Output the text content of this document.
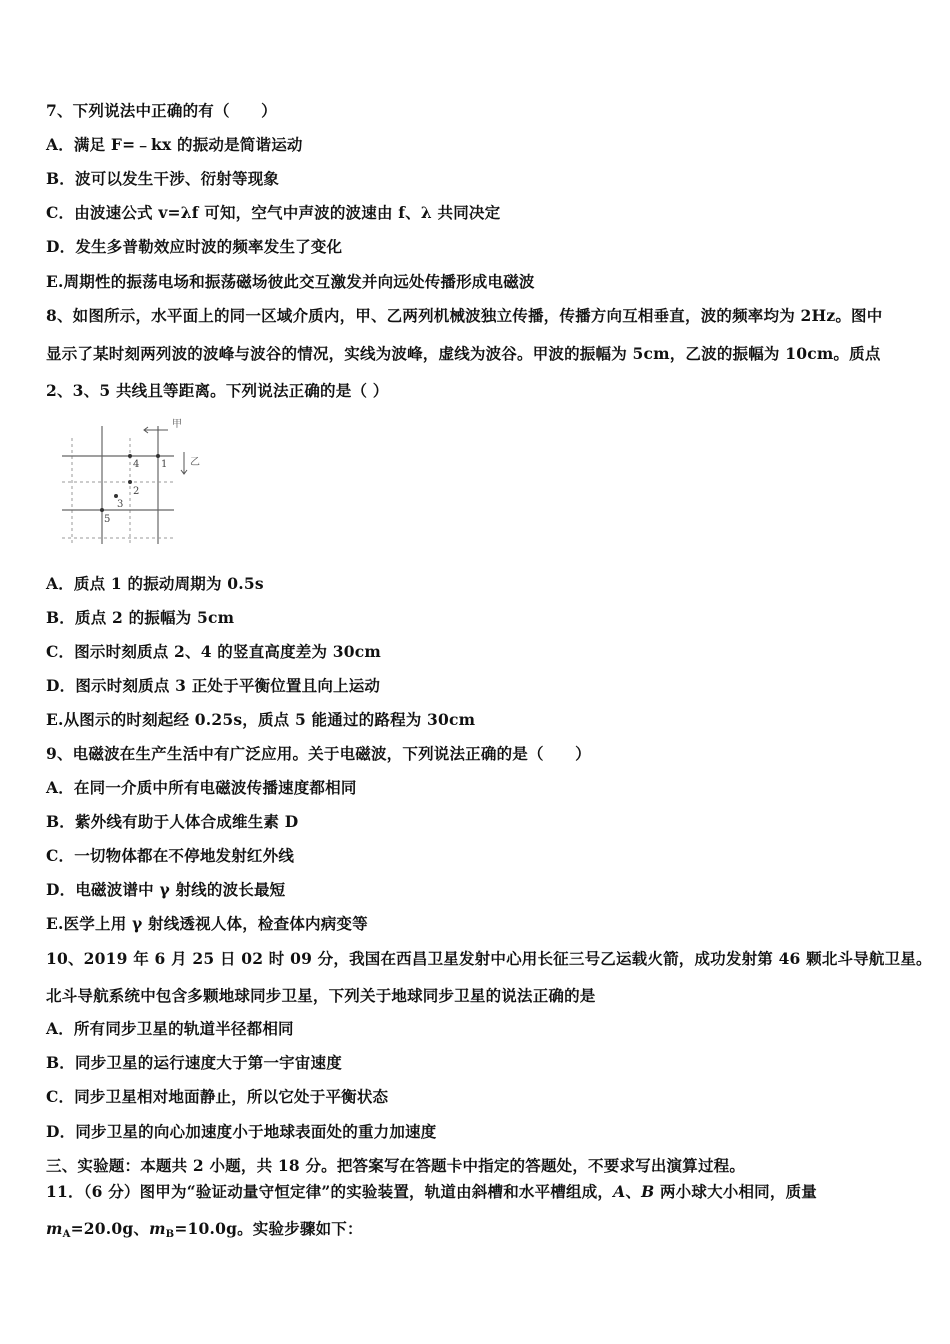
7、下列说法中正确的有（　　）
A．满足 F=﹣kx 的振动是简谐运动
B．波可以发生干涉、衍射等现象
C．由波速公式 v=λf 可知，空气中声波的波速由 f、λ 共同决定
D．发生多普勒效应时波的频率发生了变化
E.周期性的振荡电场和振荡磁场彼此交互激发并向远处传播形成电磁波
8、如图所示，水平面上的同一区域介质内，甲、乙两列机械波独立传播，传播方向互相垂直，波的频率均为 2Hz。图中
显示了某时刻两列波的波峰与波谷的情况，实线为波峰，虚线为波谷。甲波的振幅为 5cm，乙波的振幅为 10cm。质点
2、3、5 共线且等距离。下列说法正确的是（ ）
甲
乙
4 1
2
3
5
A．质点 1 的振动周期为 0.5s
B．质点 2 的振幅为 5cm
C．图示时刻质点 2、4 的竖直高度差为 30cm
D．图示时刻质点 3 正处于平衡位置且向上运动
E.从图示的时刻起经 0.25s，质点 5 能通过的路程为 30cm
9、电磁波在生产生活中有广泛应用。关于电磁波，下列说法正确的是（　　）
A．在同一介质中所有电磁波传播速度都相同
B．紫外线有助于人体合成维生素 D
C．一切物体都在不停地发射红外线
D．电磁波谱中 γ 射线的波长最短
E.医学上用 γ 射线透视人体，检查体内病变等
10、2019 年 6 月 25 日 02 时 09 分，我国在西昌卫星发射中心用长征三号乙运载火箭，成功发射第 46 颗北斗导航卫星。
北斗导航系统中包含多颗地球同步卫星，下列关于地球同步卫星的说法正确的是
A．所有同步卫星的轨道半径都相同
B．同步卫星的运行速度大于第一宇宙速度
C．同步卫星相对地面静止，所以它处于平衡状态
D．同步卫星的向心加速度小于地球表面处的重力加速度
三、实验题：本题共 2 小题，共 18 分。把答案写在答题卡中指定的答题处，不要求写出演算过程。
11．（6 分）图甲为“验证动量守恒定律”的实验装置，轨道由斜槽和水平槽组成，A、B 两小球大小相同，质量
$m_A=20.0g$、$m_B=10.0g$。实验步骤如下：
